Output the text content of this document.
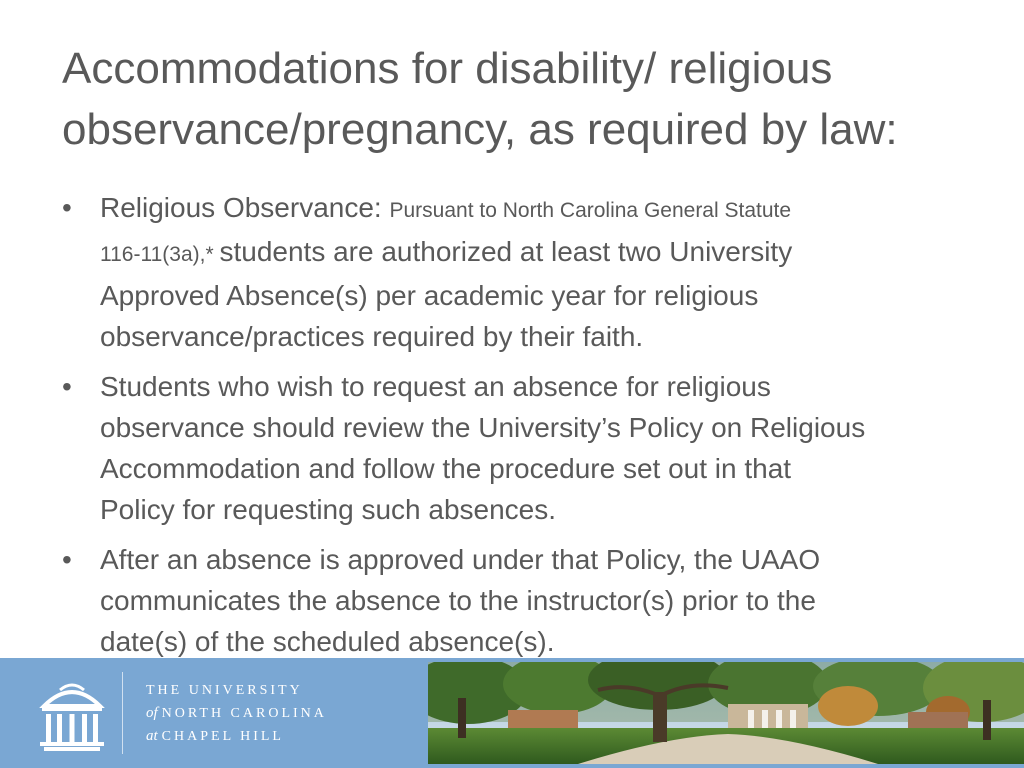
Accommodations for disability/ religious
observance/pregnancy, as required by law:
• Religious Observance: Pursuant to North Carolina General Statute
116-11(3a),* students are authorized at least two University
Approved Absence(s) per academic year for religious
observance/practices required by their faith.
• Students who wish to request an absence for religious
observance should review the University’s Policy on Religious
Accommodation and follow the procedure set out in that
Policy for requesting such absences.
• After an absence is approved under that Policy, the UAAO
communicates the absence to the instructor(s) prior to the
date(s) of the scheduled absence(s).
THE UNIVERSITY
of NORTH CAROLINA
at CHAPEL HILL
